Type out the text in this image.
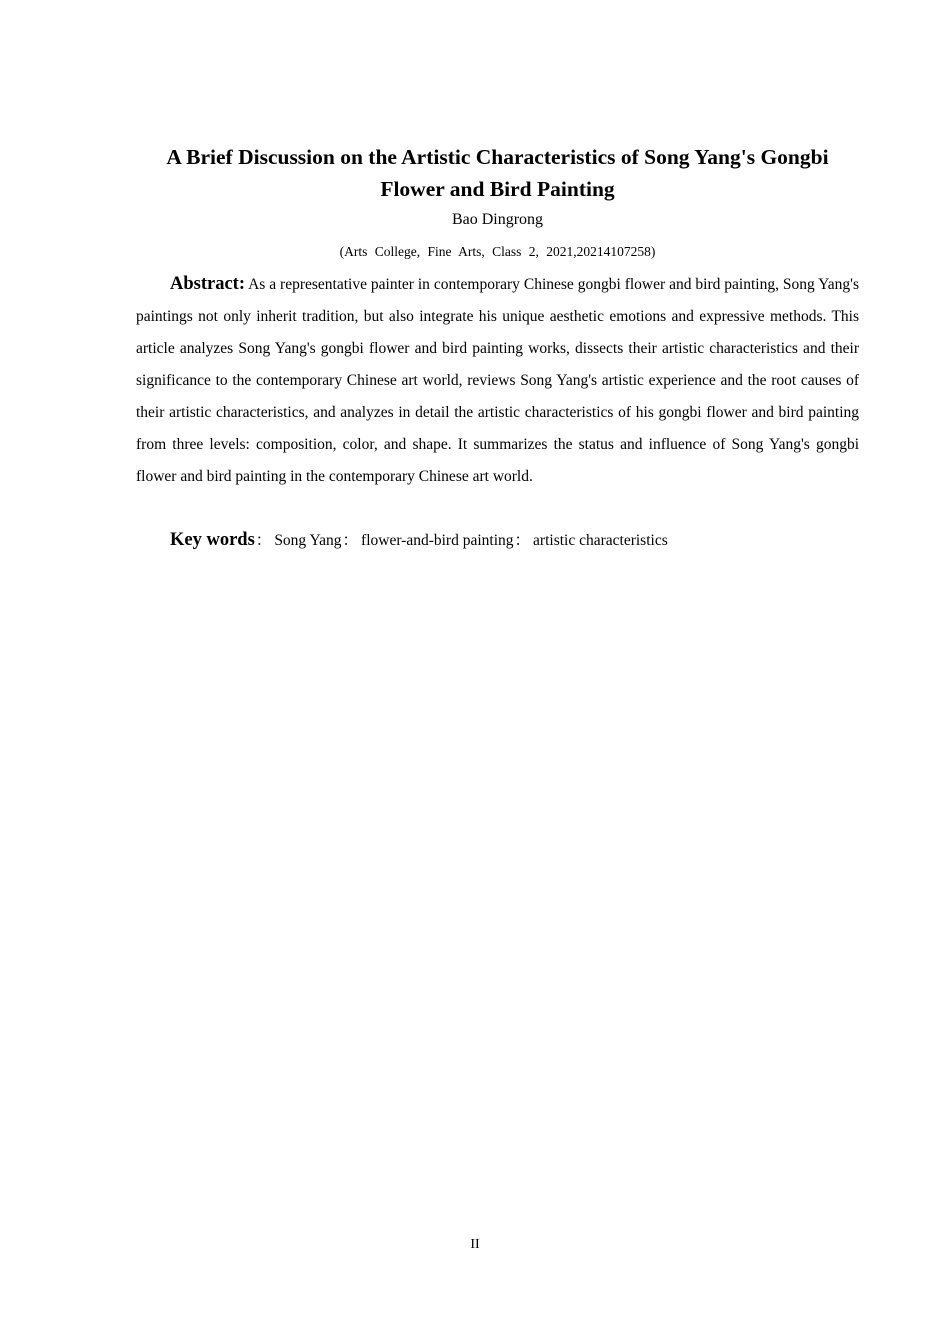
A Brief Discussion on the Artistic Characteristics of Song Yang's Gongbi Flower and Bird Painting
Bao Dingrong
(Arts College, Fine Arts, Class 2, 2021,20214107258)

Abstract: As a representative painter in contemporary Chinese gongbi flower and bird painting, Song Yang's paintings not only inherit tradition, but also integrate his unique aesthetic emotions and expressive methods. This article analyzes Song Yang's gongbi flower and bird painting works, dissects their artistic characteristics and their significance to the contemporary Chinese art world, reviews Song Yang's artistic experience and the root causes of their artistic characteristics, and analyzes in detail the artistic characteristics of his gongbi flower and bird painting from three levels: composition, color, and shape. It summarizes the status and influence of Song Yang's gongbi flower and bird painting in the contemporary Chinese art world.

Key words： Song Yang： flower-and-bird painting： artistic characteristics

II
